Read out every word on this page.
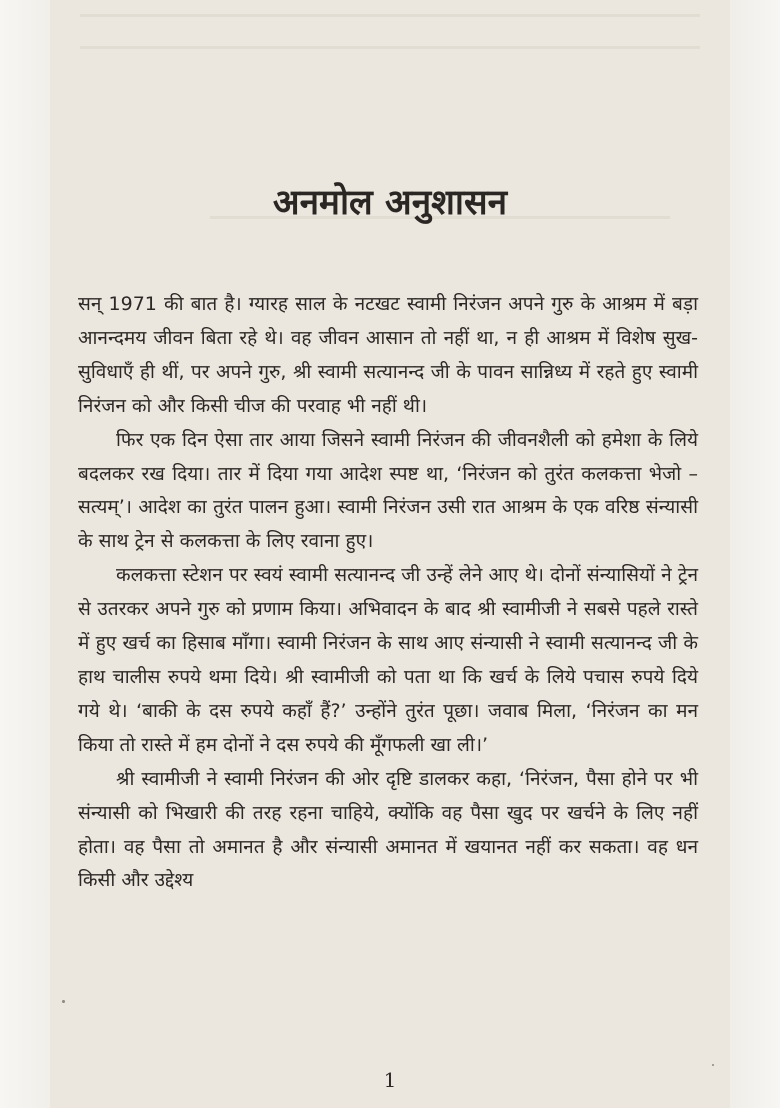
अनमोल अनुशासन

सन् 1971 की बात है। ग्यारह साल के नटखट स्वामी निरंजन अपने गुरु के आश्रम में बड़ा आनन्दमय जीवन बिता रहे थे। वह जीवन आसान तो नहीं था, न ही आश्रम में विशेष सुख-सुविधाएँ ही थीं, पर अपने गुरु, श्री स्वामी सत्यानन्द जी के पावन सान्निध्य में रहते हुए स्वामी निरंजन को और किसी चीज की परवाह भी नहीं थी।

फिर एक दिन ऐसा तार आया जिसने स्वामी निरंजन की जीवनशैली को हमेशा के लिये बदलकर रख दिया। तार में दिया गया आदेश स्पष्ट था, ‘निरंजन को तुरंत कलकत्ता भेजो – सत्यम्’। आदेश का तुरंत पालन हुआ। स्वामी निरंजन उसी रात आश्रम के एक वरिष्ठ संन्यासी के साथ ट्रेन से कलकत्ता के लिए रवाना हुए।

कलकत्ता स्टेशन पर स्वयं स्वामी सत्यानन्द जी उन्हें लेने आए थे। दोनों संन्यासियों ने ट्रेन से उतरकर अपने गुरु को प्रणाम किया। अभिवादन के बाद श्री स्वामीजी ने सबसे पहले रास्ते में हुए खर्च का हिसाब माँगा। स्वामी निरंजन के साथ आए संन्यासी ने स्वामी सत्यानन्द जी के हाथ चालीस रुपये थमा दिये। श्री स्वामीजी को पता था कि खर्च के लिये पचास रुपये दिये गये थे। ‘बाकी के दस रुपये कहाँ हैं?’ उन्होंने तुरंत पूछा। जवाब मिला, ‘निरंजन का मन किया तो रास्ते में हम दोनों ने दस रुपये की मूँगफली खा ली।’

श्री स्वामीजी ने स्वामी निरंजन की ओर दृष्टि डालकर कहा, ‘निरंजन, पैसा होने पर भी संन्यासी को भिखारी की तरह रहना चाहिये, क्योंकि वह पैसा खुद पर खर्चने के लिए नहीं होता। वह पैसा तो अमानत है और संन्यासी अमानत में खयानत नहीं कर सकता। वह धन किसी और उद्देश्य

1
